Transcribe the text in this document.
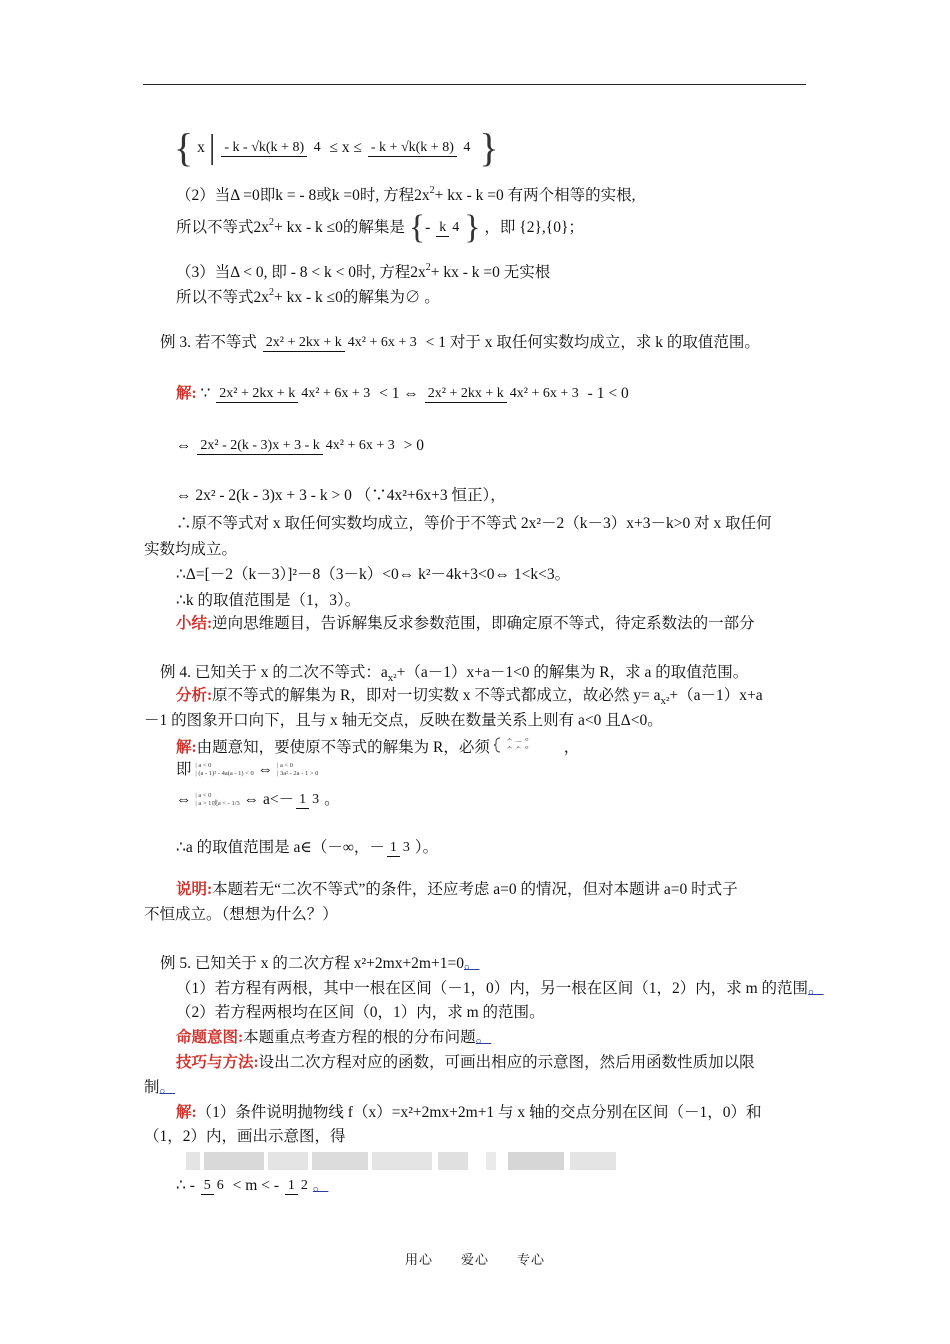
{ x | - k - √k(k + 8) 4 ≤ x ≤ - k + √k(k + 8) 4 }
（2）当Δ =0即k = - 8或k =0时, 方程2x2+ kx - k =0 有两个相等的实根,
所以不等式2x2+ kx - k ≤0的解集是 {- k 4 } ，即 {2},{0}；
（3）当Δ < 0, 即 - 8 < k < 0时, 方程2x2+ kx - k =0 无实根
所以不等式2x2+ kx - k ≤0的解集为∅ 。
例 3. 若不等式 2x² + 2kx + k 4x² + 6x + 3 < 1 对于 x 取任何实数均成立，求 k 的取值范围。
解: ∵ 2x² + 2kx + k 4x² + 6x + 3 < 1 ⇔ 2x² + 2kx + k 4x² + 6x + 3 - 1 < 0
⇔ 2x² - 2(k - 3)x + 3 - k 4x² + 6x + 3 > 0
⇔ 2x² - 2(k - 3)x + 3 - k > 0 （∵4x²+6x+3 恒正），
∴原不等式对 x 取任何实数均成立，等价于不等式 2x²－2（k－3）x+3－k>0 对 x 取任何
实数均成立。
∴Δ=[－2（k－3）]²－8（3－k）<0⇔ k²－4k+3<0⇔ 1<k<3。
∴k 的取值范围是（1，3）。
小结:逆向思维题目，告诉解集反求参数范围，即确定原不等式，待定系数法的一部分
例 4. 已知关于 x 的二次不等式：ax²+（a－1）x+a－1<0 的解集为 R，求 a 的取值范围。
分析:原不等式的解集为 R，即对一切实数 x 不等式都成立，故必然 y= ax²+（a－1）x+a
－1 的图象开口向下，且与 x 轴无交点，反映在数量关系上则有 a<0 且Δ<0。
解:由题意知，要使原不等式的解集为 R，必须 ᄉ ᅳ ᄋ
ᄉ ᄉ ᄋ ，
即 | a < 0
| (a - 1)² - 4a(a - 1) < 0 ⇔ | a < 0
| 3a² - 2a - 1 > 0
⇔ | a < 0
| a > 1或a < - 1/3 ⇔ a<－ 1 3 。
∴a 的取值范围是 a∈（－∞，－ 1 3 ）。
说明:本题若无“二次不等式”的条件，还应考虑 a=0 的情况，但对本题讲 a=0 时式子
不恒成立。（想想为什么？）
例 5. 已知关于 x 的二次方程 x²+2mx+2m+1=0。
（1）若方程有两根，其中一根在区间（－1，0）内，另一根在区间（1，2）内，求 m 的范围。
（2）若方程两根均在区间（0，1）内，求 m 的范围。
命题意图:本题重点考查方程的根的分布问题。
技巧与方法:设出二次方程对应的函数，可画出相应的示意图，然后用函数性质加以限
制。
解:（1）条件说明抛物线 f（x）=x²+2mx+2m+1 与 x 轴的交点分别在区间（－1，0）和
（1，2）内，画出示意图，得
∴ - 5 6 < m < - 1 2 。
用心　　爱心　　专心
